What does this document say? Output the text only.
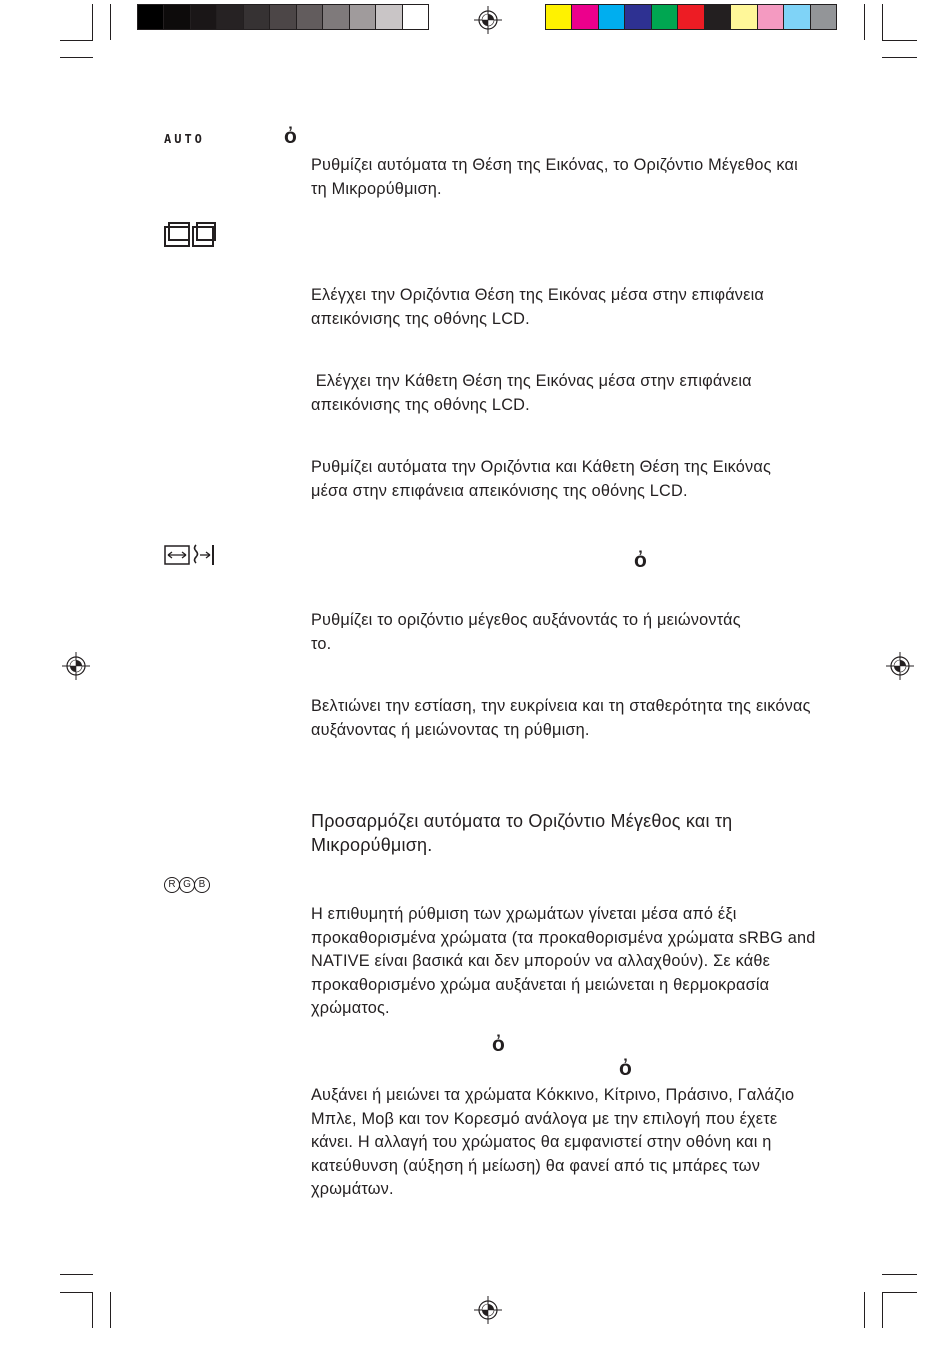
AUTO
R G B
ὀ
ὀ
ὀ
ὀ

Ρυθμίζει αυτόματα τη Θέση της Εικόνας, το Οριζόντιο Μέγεθος και τη Μικρορύθμιση.

Ελέγχει την Οριζόντια Θέση της Εικόνας μέσα στην επιφάνεια απεικόνισης της οθόνης LCD.

Ελέγχει την Κάθετη Θέση της Εικόνας μέσα στην επιφάνεια απεικόνισης της οθόνης LCD.

Ρυθμίζει αυτόματα την Οριζόντια και Κάθετη Θέση της Εικόνας μέσα στην επιφάνεια απεικόνισης της οθόνης LCD.

Ρυθμίζει το οριζόντιο μέγεθος αυξάνοντάς το ή μειώνοντάς το.

Βελτιώνει την εστίαση, την ευκρίνεια και τη σταθερότητα της εικόνας αυξάνοντας ή μειώνοντας τη ρύθμιση.

Προσαρμόζει αυτόματα το Οριζόντιο Μέγεθος και τη Μικρορύθμιση.

Η επιθυμητή ρύθμιση των χρωμάτων γίνεται μέσα από έξι προκαθορισμένα χρώματα (τα προκαθορισμένα χρώματα sRBG and NATIVE είναι βασικά και δεν μπορούν να αλλαχθούν). Σε κάθε προκαθορισμένο χρώμα αυξάνεται ή μειώνεται η θερμοκρασία χρώματος.

Αυξάνει ή μειώνει τα χρώματα Κόκκινο, Κίτρινο, Πράσινο, Γαλάζιο Μπλε, Μοβ και τον Κορεσμό ανάλογα με την επιλογή που έχετε κάνει. Η αλλαγή του χρώματος θα εμφανιστεί στην οθόνη και η κατεύθυνση (αύξηση ή μείωση) θα φανεί από τις μπάρες των χρωμάτων.
